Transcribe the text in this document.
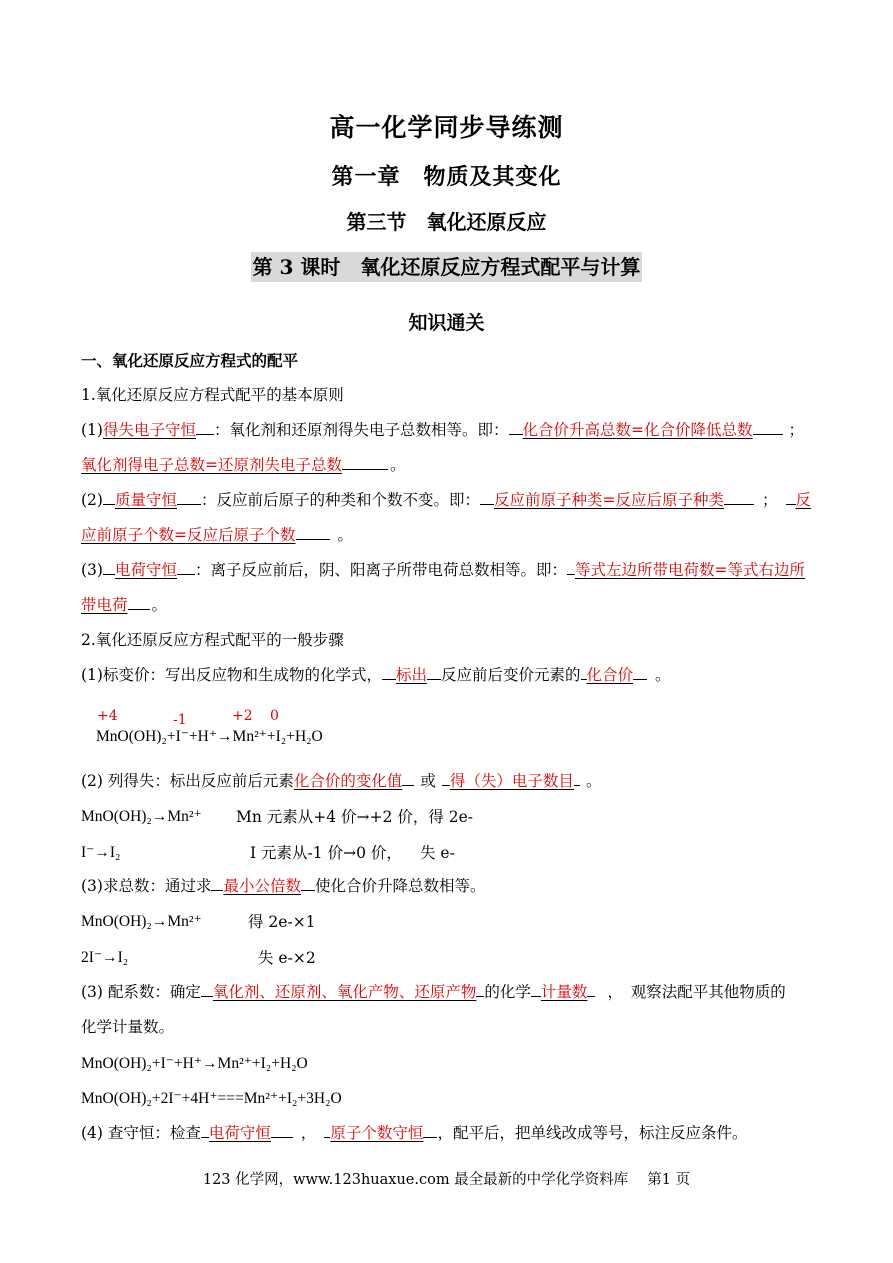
高一化学同步导练测
第一章　物质及其变化
第三节　氧化还原反应
第 3 课时　氧化还原反应方程式配平与计算
知识通关
一、氧化还原反应方程式的配平
1.氧化还原反应方程式配平的基本原则
(1)得失电子守恒 ：氧化剂和还原剂得失电子总数相等。即： 化合价升高总数=化合价降低总数 ；
氧化剂得电子总数=还原剂失电子总数	。
(2) 质量守恒 ：反应前后原子的种类和个数不变。即： 反应前原子种类=反应后原子种类 ； 反
应前原子个数=反应后原子个数	。
(3) 电荷守恒 ：离子反应前后，阴、阳离子所带电荷总数相等。即： 等式左边所带电荷数=等式右边所
带电荷 。
2.氧化还原反应方程式配平的一般步骤
(1)标变价：写出反应物和生成物的化学式， 标出 反应前后变价元素的 化合价 。
+4	-1	+2 0
MnO(OH)₂+I⁻+H⁺→Mn²⁺+I₂+H₂O
(2) 列得失：标出反应前后元素化合价的变化值 或 得（失）电子数目 。
MnO(OH)₂→Mn²⁺	Mn 元素从+4 价→+2 价，得 2e-
I⁻→I₂	I 元素从-1 价→0 价，	失 e-
(3)求总数：通过求 最小公倍数 使化合价升降总数相等。
MnO(OH)₂→Mn²⁺	得 2e-×1
2I⁻→I₂	失 e-×2
(3) 配系数：确定 氧化剂、还原剂、氧化产物、还原产物 的化学 计量数 ，　观察法配平其他物质的
化学计量数。
MnO(OH)₂+I⁻+H⁺→Mn²⁺+I₂+H₂O
MnO(OH)₂+2I⁻+4H⁺===Mn²⁺+I₂+3H₂O
(4) 查守恒：检查 电荷守恒 ， 原子个数守恒 ，配平后，把单线改成等号，标注反应条件。
123 化学网，www.123huaxue.com 最全最新的中学化学资料库　 第1 页
